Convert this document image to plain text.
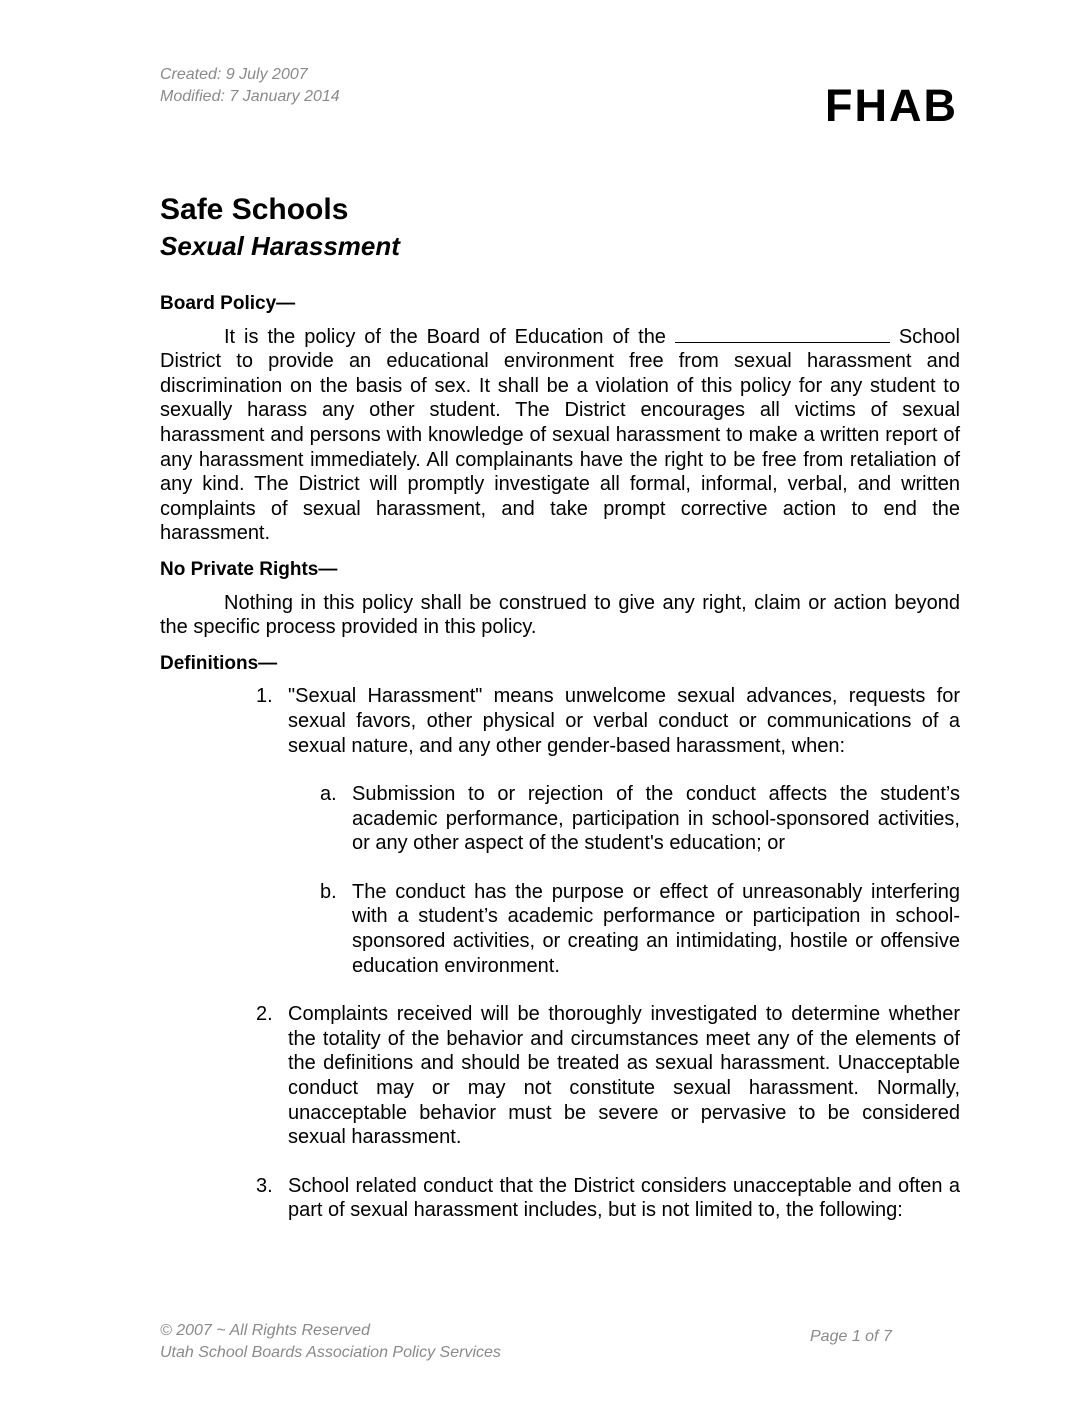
Created: 9 July 2007
Modified: 7 January 2014	FHAB
Safe Schools
Sexual Harassment
Board Policy—

It is the policy of the Board of Education of the	School District to provide an educational environment free from sexual harassment and discrimination on the basis of sex. It shall be a violation of this policy for any student to sexually harass any other student. The District encourages all victims of sexual harassment and persons with knowledge of sexual harassment to make a written report of any harassment immediately. All complainants have the right to be free from retaliation of any kind. The District will promptly investigate all formal, informal, verbal, and written complaints of sexual harassment, and take prompt corrective action to end the harassment.

No Private Rights—

Nothing in this policy shall be construed to give any right, claim or action beyond the specific process provided in this policy.

Definitions—
1. "Sexual Harassment" means unwelcome sexual advances, requests for sexual favors, other physical or verbal conduct or communications of a sexual nature, and any other gender-based harassment, when:
a. Submission to or rejection of the conduct affects the student’s academic performance, participation in school-sponsored activities, or any other aspect of the student's education; or
b. The conduct has the purpose or effect of unreasonably interfering with a student’s academic performance or participation in school-sponsored activities, or creating an intimidating, hostile or offensive education environment.
2. Complaints received will be thoroughly investigated to determine whether the totality of the behavior and circumstances meet any of the elements of the definitions and should be treated as sexual harassment. Unacceptable conduct may or may not constitute sexual harassment. Normally, unacceptable behavior must be severe or pervasive to be considered sexual harassment.
3. School related conduct that the District considers unacceptable and often a part of sexual harassment includes, but is not limited to, the following:
© 2007 ~ All Rights Reserved
Utah School Boards Association Policy Services
Page 1 of 7
